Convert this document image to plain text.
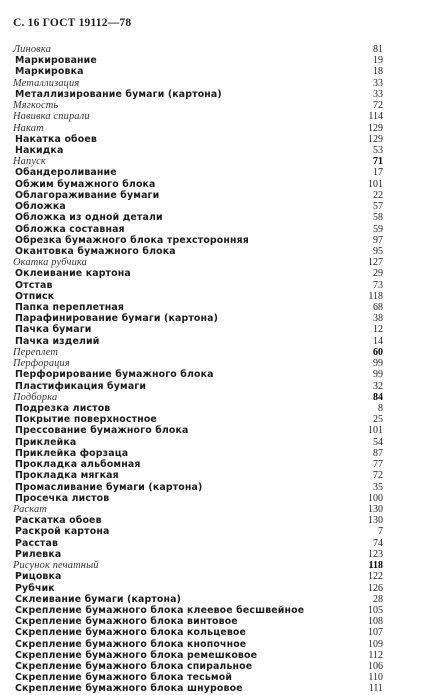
С. 16 ГОСТ 19112—78
Линовка	81
Маркирование	19
Маркировка	18
Металлизация	33
Металлизирование бумаги (картона)	33
Мягкость	72
Навивка спирали	114
Накат	129
Накатка обоев	129
Накидка	53
Напуск	71
Обандероливание	17
Обжим бумажного блока	101
Облагораживание бумаги	22
Обложка	57
Обложка из одной детали	58
Обложка составная	59
Обрезка бумажного блока трехсторонняя	97
Окантовка бумажного блока	95
Окатка рубчика	127
Оклеивание картона	29
Отстав	73
Отписк	118
Папка переплетная	68
Парафинирование бумаги (картона)	38
Пачка бумаги	12
Пачка изделий	14
Переплет	60
Перфорация	99
Перфорирование бумажного блока	99
Пластификация бумаги	32
Подборка	84
Подрезка листов	8
Покрытие поверхностное	25
Прессование бумажного блока	101
Приклейка	54
Приклейка форзаца	87
Прокладка альбомная	77
Прокладка мягкая	72
Промасливание бумаги (картона)	35
Просечка листов	100
Раскат	130
Раскатка обоев	130
Раскрой картона	7
Расстав	74
Рилевка	123
Рисунок печатный	118
Рицовка	122
Рубчик	126
Склеивание бумаги (картона)	28
Скрепление бумажного блока клеевое бесшвейное	105
Скрепление бумажного блока винтовое	108
Скрепление бумажного блока кольцевое	107
Скрепление бумажного блока кнопочное	109
Скрепление бумажного блока ремешковое	112
Скрепление бумажного блока спиральное	106
Скрепление бумажного блока тесьмой	110
Скрепление бумажного блока шнуровое	111
